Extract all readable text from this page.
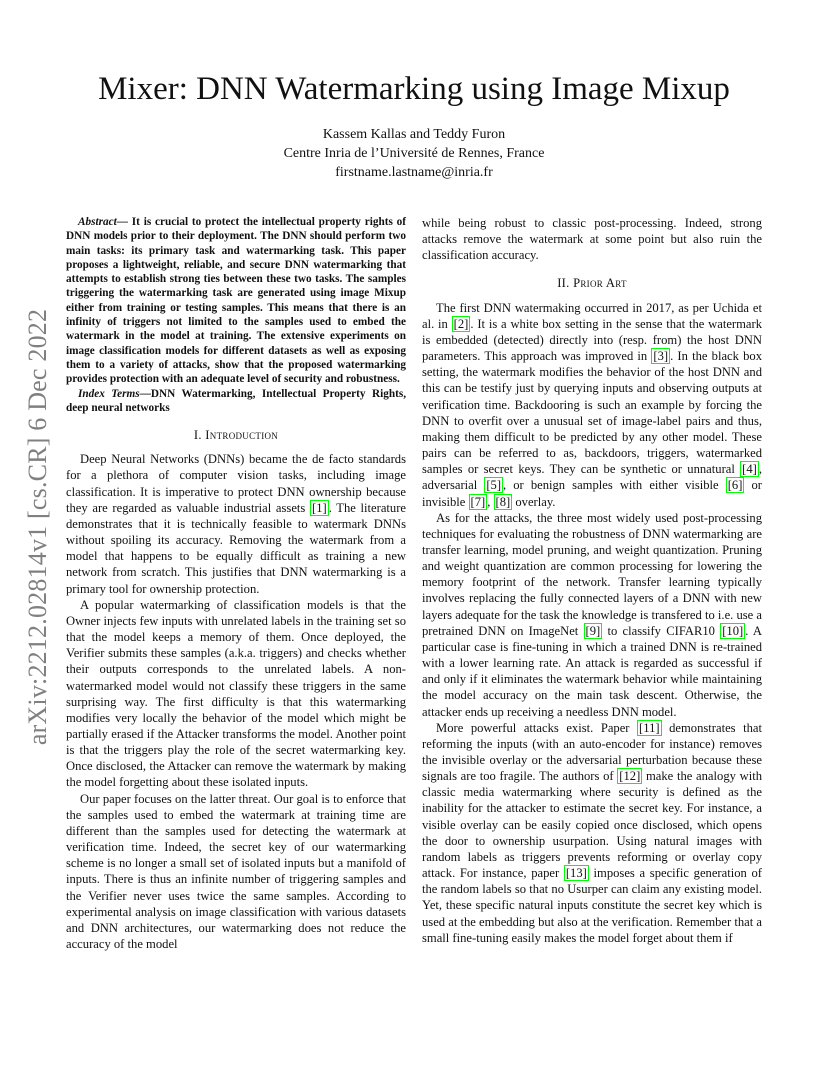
arXiv:2212.02814v1 [cs.CR] 6 Dec 2022
Mixer: DNN Watermarking using Image Mixup
Kassem Kallas and Teddy Furon
Centre Inria de l’Université de Rennes, France
firstname.lastname@inria.fr

Abstract— It is crucial to protect the intellectual property rights of DNN models prior to their deployment. The DNN should perform two main tasks: its primary task and watermarking task. This paper proposes a lightweight, reliable, and secure DNN watermarking that attempts to establish strong ties between these two tasks. The samples triggering the watermarking task are generated using image Mixup either from training or testing samples. This means that there is an infinity of triggers not limited to the samples used to embed the watermark in the model at training. The extensive experiments on image classification models for different datasets as well as exposing them to a variety of attacks, show that the proposed watermarking provides protection with an adequate level of security and robustness.

Index Terms—DNN Watermarking, Intellectual Property Rights, deep neural networks

I. Introduction

Deep Neural Networks (DNNs) became the de facto standards for a plethora of computer vision tasks, including image classification. It is imperative to protect DNN ownership because they are regarded as valuable industrial assets [1] . The literature demonstrates that it is technically feasible to watermark DNNs without spoiling its accuracy. Removing the watermark from a model that happens to be equally difficult as training a new network from scratch. This justifies that DNN watermarking is a primary tool for ownership protection.

A popular watermarking of classification models is that the Owner injects few inputs with unrelated labels in the training set so that the model keeps a memory of them. Once deployed, the Verifier submits these samples (a.k.a. triggers) and checks whether their outputs corresponds to the unrelated labels. A non-watermarked model would not classify these triggers in the same surprising way. The first difficulty is that this watermarking modifies very locally the behavior of the model which might be partially erased if the Attacker transforms the model. Another point is that the triggers play the role of the secret watermarking key. Once disclosed, the Attacker can remove the watermark by making the model forgetting about these isolated inputs.

Our paper focuses on the latter threat. Our goal is to enforce that the samples used to embed the watermark at training time are different than the samples used for detecting the watermark at verification time. Indeed, the secret key of our watermarking scheme is no longer a small set of isolated inputs but a manifold of inputs. There is thus an infinite number of triggering samples and the Verifier never uses twice the same samples. According to experimental analysis on image classification with various datasets and DNN architectures, our watermarking does not reduce the accuracy of the model

while being robust to classic post-processing. Indeed, strong attacks remove the watermark at some point but also ruin the classification accuracy.

II. Prior Art

The first DNN watermaking occurred in 2017, as per Uchida et al. in [2] . It is a white box setting in the sense that the watermark is embedded (detected) directly into (resp. from) the host DNN parameters. This approach was improved in [3] . In the black box setting, the watermark modifies the behavior of the host DNN and this can be testify just by querying inputs and observing outputs at verification time. Backdooring is such an example by forcing the DNN to overfit over a unusual set of image-label pairs and thus, making them difficult to be predicted by any other model. These pairs can be referred to as, backdoors, triggers, watermarked samples or secret keys. They can be synthetic or unnatural [4] , adversarial [5] , or benign samples with either visible [6] or invisible [7] , [8] overlay.

As for the attacks, the three most widely used post-processing techniques for evaluating the robustness of DNN watermarking are transfer learning, model pruning, and weight quantization. Pruning and weight quantization are common processing for lowering the memory footprint of the network. Transfer learning typically involves replacing the fully connected layers of a DNN with new layers adequate for the task the knowledge is transfered to i.e. use a pretrained DNN on ImageNet [9] to classify CIFAR10 [10] . A particular case is fine-tuning in which a trained DNN is re-trained with a lower learning rate. An attack is regarded as successful if and only if it eliminates the watermark behavior while maintaining the model accuracy on the main task descent. Otherwise, the attacker ends up receiving a needless DNN model.

More powerful attacks exist. Paper [11] demonstrates that reforming the inputs (with an auto-encoder for instance) removes the invisible overlay or the adversarial perturbation because these signals are too fragile. The authors of [12] make the analogy with classic media watermarking where security is defined as the inability for the attacker to estimate the secret key. For instance, a visible overlay can be easily copied once disclosed, which opens the door to ownership usurpation. Using natural images with random labels as triggers prevents reforming or overlay copy attack. For instance, paper [13] imposes a specific generation of the random labels so that no Usurper can claim any existing model. Yet, these specific natural inputs constitute the secret key which is used at the embedding but also at the verification. Remember that a small fine-tuning easily makes the model forget about them if
